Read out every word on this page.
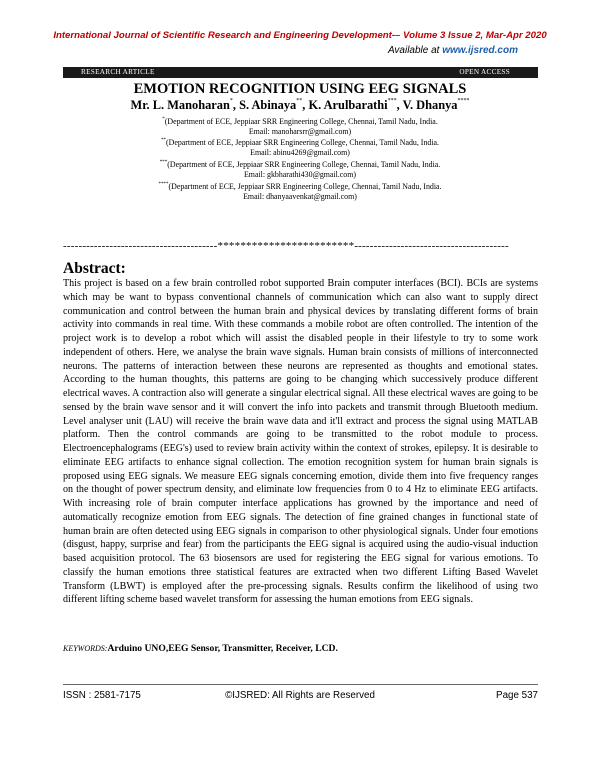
International Journal of Scientific Research and Engineering Development-– Volume 3 Issue 2, Mar-Apr 2020
Available at www.ijsred.com
RESEARCH ARTICLE	OPEN ACCESS
EMOTION RECOGNITION USING EEG SIGNALS
Mr. L. Manoharan*, S. Abinaya**, K. Arulbarathi***, V. Dhanya****
*(Department of ECE, Jeppiaar SRR Engineering College, Chennai, Tamil Nadu, India.
Email: manoharsrr@gmail.com)
**(Department of ECE, Jeppiaar SRR Engineering College, Chennai, Tamil Nadu, India.
Email: abinu4269@gmail.com)
***(Department of ECE, Jeppiaar SRR Engineering College, Chennai, Tamil Nadu, India.
Email: gkbharathi430@gmail.com)
****(Department of ECE, Jeppiaar SRR Engineering College, Chennai, Tamil Nadu, India.
Email: dhanyaavenkat@gmail.com)
----------------------------------------************************----------------------------------------
Abstract:
This project is based on a few brain controlled robot supported Brain computer interfaces (BCI). BCIs are systems which may be want to bypass conventional channels of communication which can also want to supply direct communication and control between the human brain and physical devices by translating different forms of brain activity into commands in real time. With these commands a mobile robot are often controlled. The intention of the project work is to develop a robot which will assist the disabled people in their lifestyle to try to some work independent of others. Here, we analyse the brain wave signals. Human brain consists of millions of interconnected neurons. The patterns of interaction between these neurons are represented as thoughts and emotional states. According to the human thoughts, this patterns are going to be changing which successively produce different electrical waves. A contraction also will generate a singular electrical signal. All these electrical waves are going to be sensed by the brain wave sensor and it will convert the info into packets and transmit through Bluetooth medium. Level analyser unit (LAU) will receive the brain wave data and it'll extract and process the signal using MATLAB platform. Then the control commands are going to be transmitted to the robot module to process. Electroencephalograms (EEG's) used to review brain activity within the context of strokes, epilepsy. It is desirable to eliminate EEG artifacts to enhance signal collection. The emotion recognition system for human brain signals is proposed using EEG signals. We measure EEG signals concerning emotion, divide them into five frequency ranges on the thought of power spectrum density, and eliminate low frequencies from 0 to 4 Hz to eliminate EEG artifacts. With increasing role of brain computer interface applications has growned by the importance and need of automatically recognize emotion from EEG signals. The detection of fine grained changes in functional state of human brain are often detected using EEG signals in comparison to other physiological signals. Under four emotions (disgust, happy, surprise and fear) from the participants the EEG signal is acquired using the audio-visual induction based acquisition protocol. The 63 biosensors are used for registering the EEG signal for various emotions. To classify the human emotions three statistical features are extracted when two different Lifting Based Wavelet Transform (LBWT) is employed after the pre-processing signals. Results confirm the likelihood of using two different lifting scheme based wavelet transform for assessing the human emotions from EEG signals.
KEYWORDS:Arduino UNO,EEG Sensor, Transmitter, Receiver, LCD.
ISSN : 2581-7175	©IJSRED: All Rights are Reserved	Page 537
